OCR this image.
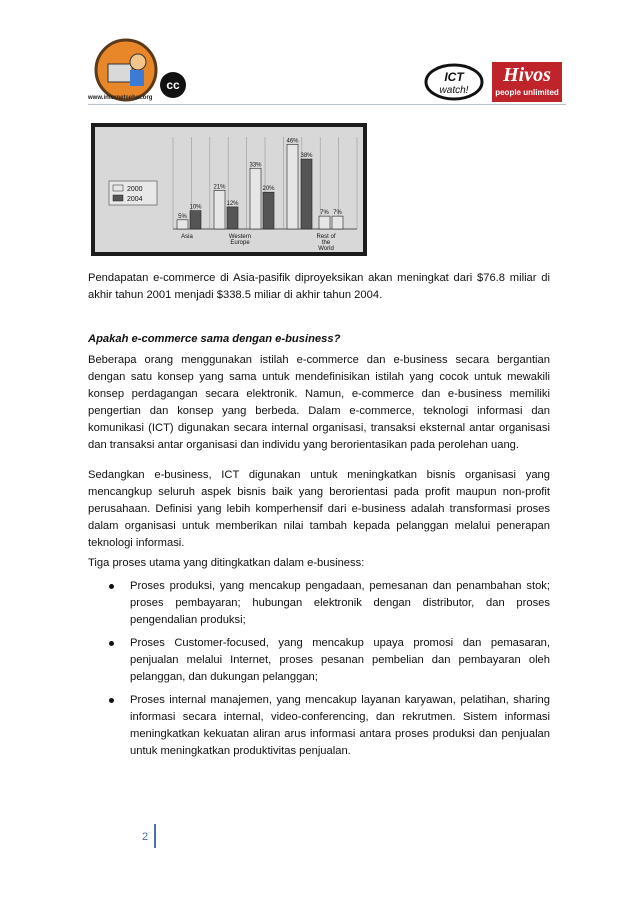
cc
www.internetsehat.org
ICT
watch!
Hivos
people unlimited
5%
10%
21%
12%
33%
20%
46%
38%
7% 7%
Asia	Western Europe
Rest of the World
2000
2004
Pendapatan e-commerce di Asia-pasifik diproyeksikan akan meningkat dari $76.8 miliar di akhir tahun 2001 menjadi $338.5 miliar di akhir tahun 2004.
Apakah e-commerce sama dengan e-business?
Beberapa orang menggunakan istilah e-commerce dan e-business secara bergantian dengan satu konsep yang sama untuk mendefinisikan istilah yang cocok untuk mewakili konsep perdagangan secara elektronik. Namun, e-commerce dan e-business memiliki pengertian dan konsep yang berbeda. Dalam e-commerce, teknologi informasi dan komunikasi (ICT) digunakan secara internal organisasi, transaksi eksternal antar organisasi dan transaksi antar organisasi dan individu yang berorientasikan pada perolehan uang.
Sedangkan e-business, ICT digunakan untuk meningkatkan bisnis organisasi yang mencangkup seluruh aspek bisnis baik yang berorientasi pada profit maupun non-profit perusahaan. Definisi yang lebih komperhensif dari e-business adalah transformasi proses dalam organisasi untuk memberikan nilai tambah kepada pelanggan melalui penerapan teknologi informasi.
Tiga proses utama yang ditingkatkan dalam e-business:
Proses produksi, yang mencakup pengadaan, pemesanan dan penambahan stok; proses pembayaran; hubungan elektronik dengan distributor, dan proses pengendalian produksi;
Proses Customer-focused, yang mencakup upaya promosi dan pemasaran, penjualan melalui Internet, proses pesanan pembelian dan pembayaran oleh pelanggan, dan dukungan pelanggan;
Proses internal manajemen, yang mencakup layanan karyawan, pelatihan, sharing informasi secara internal, video-conferencing, dan rekrutmen. Sistem informasi meningkatkan kekuatan aliran arus informasi antara proses produksi dan penjualan untuk meningkatkan produktivitas penjualan.
2
